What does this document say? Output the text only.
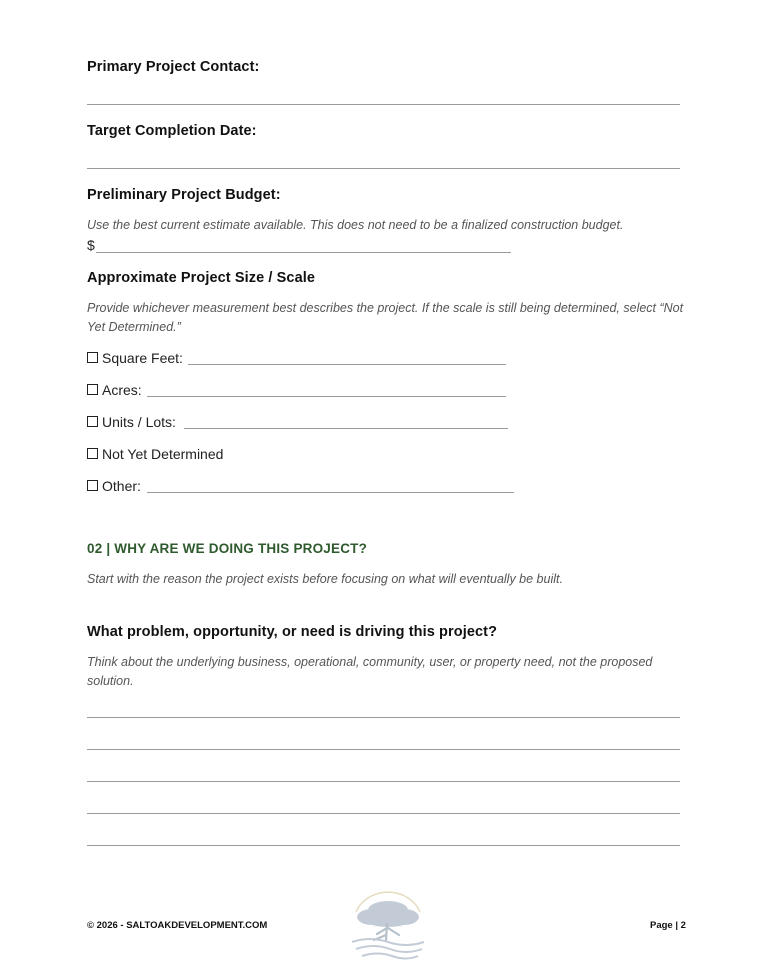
Primary Project Contact:
Target Completion Date:
Preliminary Project Budget:
Use the best current estimate available. This does not need to be a finalized construction budget.
$
Approximate Project Size / Scale
Provide whichever measurement best describes the project. If the scale is still being determined, select “Not Yet Determined.”
Square Feet:
Acres:
Units / Lots:
Not Yet Determined
Other:
02 | WHY ARE WE DOING THIS PROJECT?
Start with the reason the project exists before focusing on what will eventually be built.
What problem, opportunity, or need is driving this project?
Think about the underlying business, operational, community, user, or property need, not the proposed solution.
© 2026 - SALTOAKDEVELOPMENT.COM	Page | 2
